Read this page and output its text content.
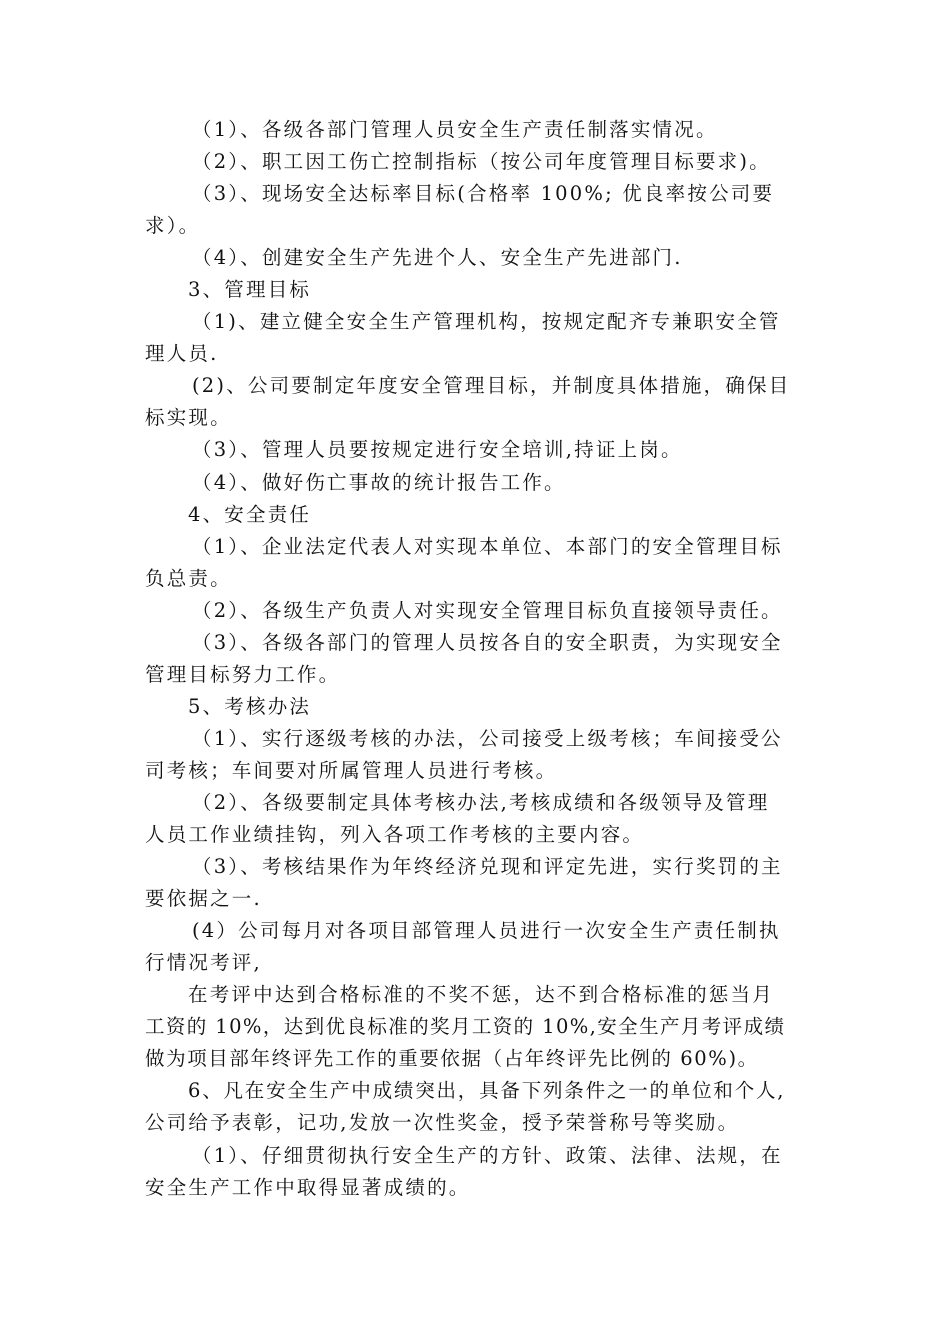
（1）、各级各部门管理人员安全生产责任制落实情况。
（2）、职工因工伤亡控制指标（按公司年度管理目标要求)。
（3）、现场安全达标率目标(合格率 100%; 优良率按公司要
求）。
（4）、创建安全生产先进个人、安全生产先进部门.
3、管理目标
（1)、建立健全安全生产管理机构，按规定配齐专兼职安全管
理人员.
(2)、公司要制定年度安全管理目标，并制度具体措施，确保目
标实现。
（3）、管理人员要按规定进行安全培训,持证上岗。
（4）、做好伤亡事故的统计报告工作。
4、安全责任
（1）、企业法定代表人对实现本单位、本部门的安全管理目标
负总责。
（2）、各级生产负责人对实现安全管理目标负直接领导责任。
（3）、各级各部门的管理人员按各自的安全职责，为实现安全
管理目标努力工作。
5、考核办法
（1）、实行逐级考核的办法，公司接受上级考核；车间接受公
司考核；车间要对所属管理人员进行考核。
（2）、各级要制定具体考核办法,考核成绩和各级领导及管理
人员工作业绩挂钩，列入各项工作考核的主要内容。
（3）、考核结果作为年终经济兑现和评定先进，实行奖罚的主
要依据之一.
(4）公司每月对各项目部管理人员进行一次安全生产责任制执
行情况考评,
在考评中达到合格标准的不奖不惩，达不到合格标准的惩当月
工资的 10%，达到优良标准的奖月工资的 10%,安全生产月考评成绩
做为项目部年终评先工作的重要依据（占年终评先比例的 60%)。
6、凡在安全生产中成绩突出，具备下列条件之一的单位和个人,
公司给予表彰，记功,发放一次性奖金，授予荣誉称号等奖励。
（1）、仔细贯彻执行安全生产的方针、政策、法律、法规，在
安全生产工作中取得显著成绩的。
